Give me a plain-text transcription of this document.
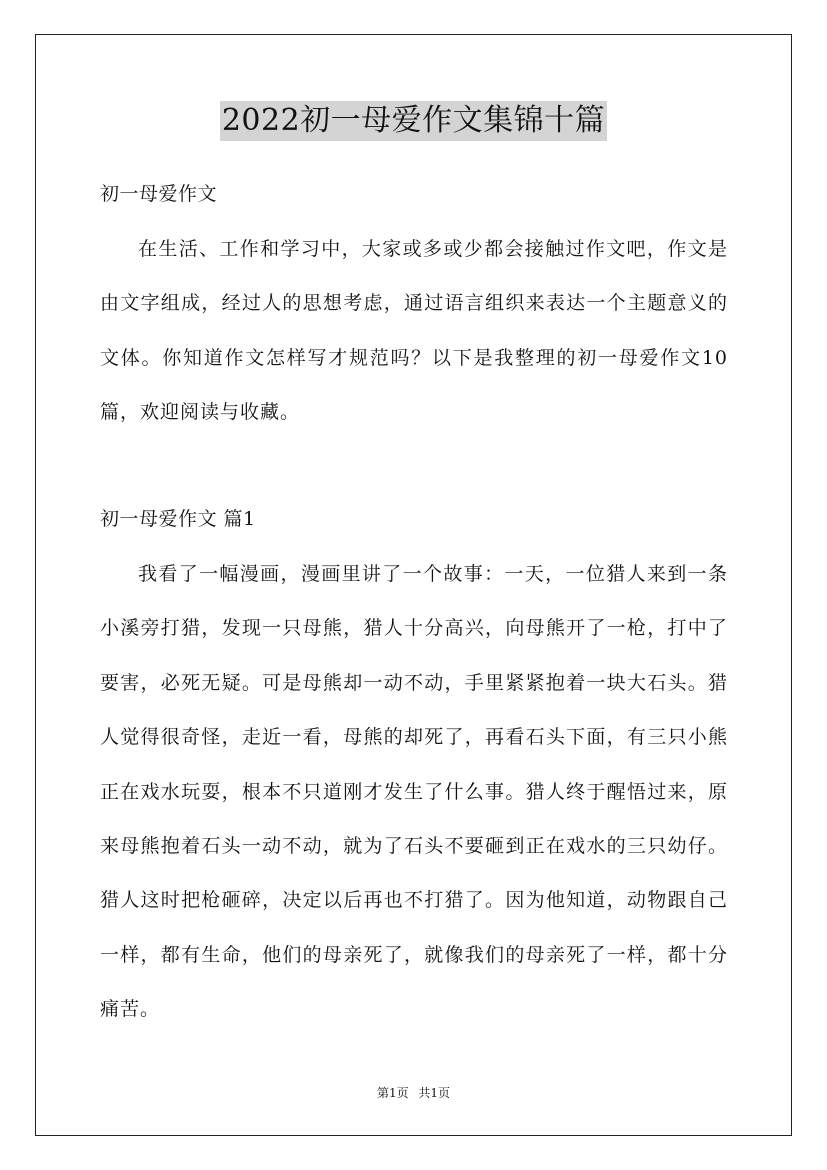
2022初一母爱作文集锦十篇
初一母爱作文

在生活、工作和学习中，大家或多或少都会接触过作文吧，作文是由文字组成，经过人的思想考虑，通过语言组织来表达一个主题意义的文体。你知道作文怎样写才规范吗？以下是我整理的初一母爱作文10篇，欢迎阅读与收藏。

初一母爱作文 篇1

我看了一幅漫画，漫画里讲了一个故事：一天，一位猎人来到一条小溪旁打猎，发现一只母熊，猎人十分高兴，向母熊开了一枪，打中了要害，必死无疑。可是母熊却一动不动，手里紧紧抱着一块大石头。猎人觉得很奇怪，走近一看，母熊的却死了，再看石头下面，有三只小熊正在戏水玩耍，根本不只道刚才发生了什么事。猎人终于醒悟过来，原来母熊抱着石头一动不动，就为了石头不要砸到正在戏水的三只幼仔。猎人这时把枪砸碎，决定以后再也不打猎了。因为他知道，动物跟自己一样，都有生命，他们的母亲死了，就像我们的母亲死了一样，都十分痛苦。

第1页 共1页
